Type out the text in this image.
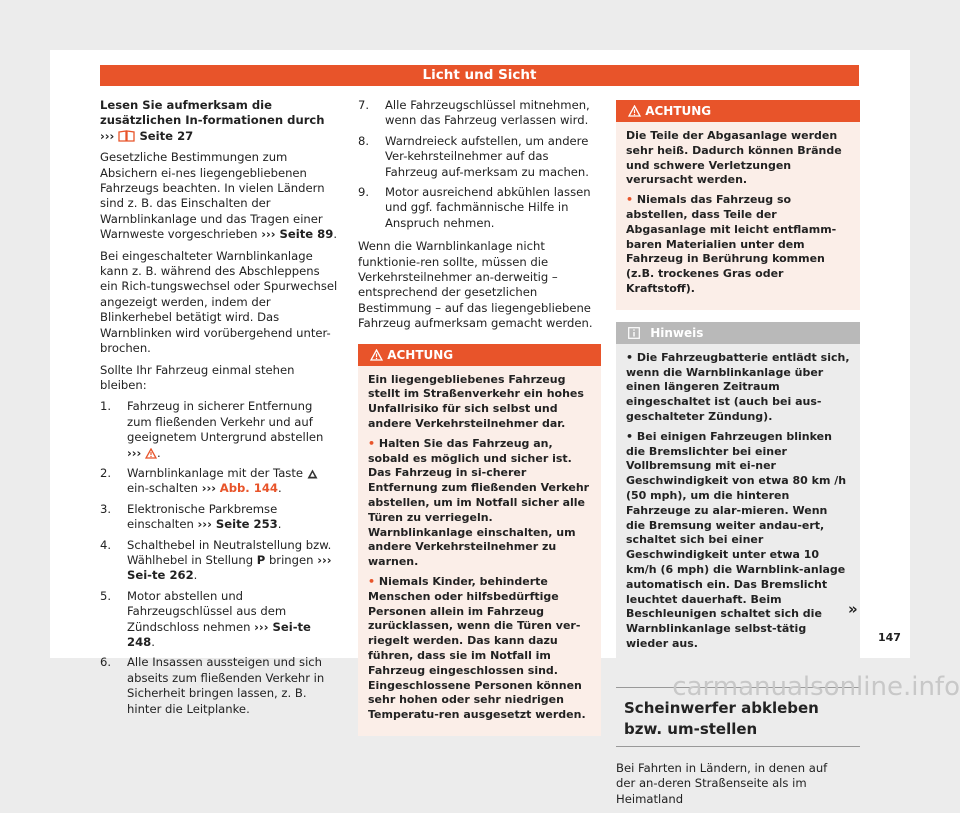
Licht und Sicht

Lesen Sie aufmerksam die zusätzlichen In-formationen durch ››› Seite 27

Gesetzliche Bestimmungen zum Absichern ei-nes liegengebliebenen Fahrzeugs beachten. In vielen Ländern sind z. B. das Einschalten der Warnblinkanlage und das Tragen einer Warnweste vorgeschrieben ››› Seite 89.

Bei eingeschalteter Warnblinkanlage kann z. B. während des Abschleppens ein Rich-tungswechsel oder Spurwechsel angezeigt werden, indem der Blinkerhebel betätigt wird. Das Warnblinken wird vorübergehend unter-brochen.

Sollte Ihr Fahrzeug einmal stehen bleiben:

1. Fahrzeug in sicherer Entfernung zum fließenden Verkehr und auf geeignetem Untergrund abstellen ››› .
2. Warnblinkanlage mit der Taste  ein-schalten ››› Abb. 144.
3. Elektronische Parkbremse einschalten ››› Seite 253.
4. Schalthebel in Neutralstellung bzw. Wählhebel in Stellung P bringen ››› Sei-te 262.
5. Motor abstellen und Fahrzeugschlüssel aus dem Zündschloss nehmen ››› Sei-te 248.
6. Alle Insassen aussteigen und sich abseits zum fließenden Verkehr in Sicherheit bringen lassen, z. B. hinter die Leitplanke.
7. Alle Fahrzeugschlüssel mitnehmen, wenn das Fahrzeug verlassen wird.
8. Warndreieck aufstellen, um andere Ver-kehrsteilnehmer auf das Fahrzeug auf-merksam zu machen.
9. Motor ausreichend abkühlen lassen und ggf. fachmännische Hilfe in Anspruch nehmen.

Wenn die Warnblinkanlage nicht funktionie-ren sollte, müssen die Verkehrsteilnehmer an-derweitig – entsprechend der gesetzlichen Bestimmung – auf das liegengebliebene Fahrzeug aufmerksam gemacht werden.

ACHTUNG

Ein liegengebliebenes Fahrzeug stellt im Straßenverkehr ein hohes Unfallrisiko für sich selbst und andere Verkehrsteilnehmer dar.

• Halten Sie das Fahrzeug an, sobald es möglich und sicher ist. Das Fahrzeug in si-cherer Entfernung zum fließenden Verkehr abstellen, um im Notfall sicher alle Türen zu verriegeln. Warnblinkanlage einschalten, um andere Verkehrsteilnehmer zu warnen.

• Niemals Kinder, behinderte Menschen oder hilfsbedürftige Personen allein im Fahrzeug zurücklassen, wenn die Türen ver-riegelt werden. Das kann dazu führen, dass sie im Notfall im Fahrzeug eingeschlossen sind. Eingeschlossene Personen können sehr hohen oder sehr niedrigen Temperatu-ren ausgesetzt werden.

ACHTUNG

Die Teile der Abgasanlage werden sehr heiß. Dadurch können Brände und schwere Verletzungen verursacht werden.

• Niemals das Fahrzeug so abstellen, dass Teile der Abgasanlage mit leicht entflamm-baren Materialien unter dem Fahrzeug in Berührung kommen (z.B. trockenes Gras oder Kraftstoff).

Hinweis

• Die Fahrzeugbatterie entlädt sich, wenn die Warnblinkanlage über einen längeren Zeitraum eingeschaltet ist (auch bei aus-geschalteter Zündung).

• Bei einigen Fahrzeugen blinken die Bremslichter bei einer Vollbremsung mit ei-ner Geschwindigkeit von etwa 80 km /h (50 mph), um die hinteren Fahrzeuge zu alar-mieren. Wenn die Bremsung weiter andau-ert, schaltet sich bei einer Geschwindigkeit unter etwa 10 km/h (6 mph) die Warnblink-anlage automatisch ein. Das Bremslicht leuchtet dauerhaft. Beim Beschleunigen schaltet sich die Warnblinkanlage selbst-tätig wieder aus.

Scheinwerfer abkleben bzw. um-stellen

Bei Fahrten in Ländern, in denen auf der an-deren Straßenseite als im Heimatland

»
147
carmanualsonline.info
